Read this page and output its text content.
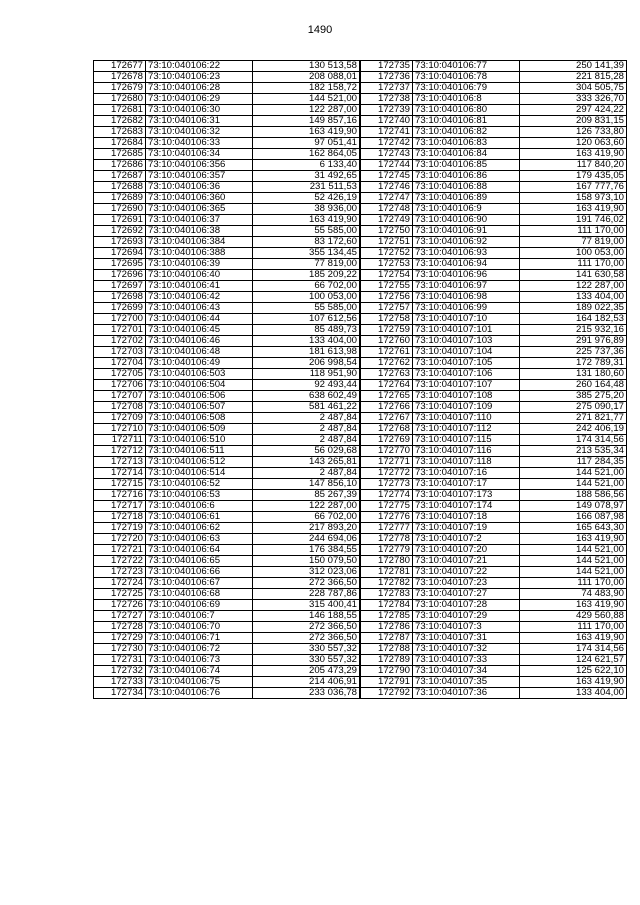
1490
172677	73:10:040106:22	130 513,58
172678	73:10:040106:23	208 088,01
172679	73:10:040106:28	182 158,72
172680	73:10:040106:29	144 521,00
172681	73:10:040106:30	122 287,00
172682	73:10:040106:31	149 857,16
172683	73:10:040106:32	163 419,90
172684	73:10:040106:33	97 051,41
172685	73:10:040106:34	162 864,05
172686	73:10:040106:356	6 133,40
172687	73:10:040106:357	31 492,65
172688	73:10:040106:36	231 511,53
172689	73:10:040106:360	52 426,19
172690	73:10:040106:365	38 936,00
172691	73:10:040106:37	163 419,90
172692	73:10:040106:38	55 585,00
172693	73:10:040106:384	83 172,60
172694	73:10:040106:388	355 134,45
172695	73:10:040106:39	77 819,00
172696	73:10:040106:40	185 209,22
172697	73:10:040106:41	66 702,00
172698	73:10:040106:42	100 053,00
172699	73:10:040106:43	55 585,00
172700	73:10:040106:44	107 612,56
172701	73:10:040106:45	85 489,73
172702	73:10:040106:46	133 404,00
172703	73:10:040106:48	181 613,98
172704	73:10:040106:49	206 998,54
172705	73:10:040106:503	118 951,90
172706	73:10:040106:504	92 493,44
172707	73:10:040106:506	638 602,49
172708	73:10:040106:507	581 461,22
172709	73:10:040106:508	2 487,84
172710	73:10:040106:509	2 487,84
172711	73:10:040106:510	2 487,84
172712	73:10:040106:511	56 029,68
172713	73:10:040106:512	143 265,81
172714	73:10:040106:514	2 487,84
172715	73:10:040106:52	147 856,10
172716	73:10:040106:53	85 267,39
172717	73:10:040106:6	122 287,00
172718	73:10:040106:61	66 702,00
172719	73:10:040106:62	217 893,20
172720	73:10:040106:63	244 694,06
172721	73:10:040106:64	176 384,55
172722	73:10:040106:65	150 079,50
172723	73:10:040106:66	312 023,06
172724	73:10:040106:67	272 366,50
172725	73:10:040106:68	228 787,86
172726	73:10:040106:69	315 400,41
172727	73:10:040106:7	146 188,55
172728	73:10:040106:70	272 366,50
172729	73:10:040106:71	272 366,50
172730	73:10:040106:72	330 557,32
172731	73:10:040106:73	330 557,32
172732	73:10:040106:74	205 473,29
172733	73:10:040106:75	214 406,91
172734	73:10:040106:76	233 036,78
172735	73:10:040106:77	250 141,39
172736	73:10:040106:78	221 815,28
172737	73:10:040106:79	304 505,75
172738	73:10:040106:8	333 326,70
172739	73:10:040106:80	297 424,22
172740	73:10:040106:81	209 831,15
172741	73:10:040106:82	126 733,80
172742	73:10:040106:83	120 063,60
172743	73:10:040106:84	163 419,90
172744	73:10:040106:85	117 840,20
172745	73:10:040106:86	179 435,05
172746	73:10:040106:88	167 777,76
172747	73:10:040106:89	158 973,10
172748	73:10:040106:9	163 419,90
172749	73:10:040106:90	191 746,02
172750	73:10:040106:91	111 170,00
172751	73:10:040106:92	77 819,00
172752	73:10:040106:93	100 053,00
172753	73:10:040106:94	111 170,00
172754	73:10:040106:96	141 630,58
172755	73:10:040106:97	122 287,00
172756	73:10:040106:98	133 404,00
172757	73:10:040106:99	189 022,35
172758	73:10:040107:10	164 182,53
172759	73:10:040107:101	215 932,16
172760	73:10:040107:103	291 976,89
172761	73:10:040107:104	225 737,36
172762	73:10:040107:105	172 789,31
172763	73:10:040107:106	131 180,60
172764	73:10:040107:107	260 164,48
172765	73:10:040107:108	385 275,20
172766	73:10:040107:109	275 090,17
172767	73:10:040107:110	271 821,77
172768	73:10:040107:112	242 406,19
172769	73:10:040107:115	174 314,56
172770	73:10:040107:116	213 535,34
172771	73:10:040107:118	117 284,35
172772	73:10:040107:16	144 521,00
172773	73:10:040107:17	144 521,00
172774	73:10:040107:173	188 586,56
172775	73:10:040107:174	149 078,97
172776	73:10:040107:18	166 087,98
172777	73:10:040107:19	165 643,30
172778	73:10:040107:2	163 419,90
172779	73:10:040107:20	144 521,00
172780	73:10:040107:21	144 521,00
172781	73:10:040107:22	144 521,00
172782	73:10:040107:23	111 170,00
172783	73:10:040107:27	74 483,90
172784	73:10:040107:28	163 419,90
172785	73:10:040107:29	429 560,88
172786	73:10:040107:3	111 170,00
172787	73:10:040107:31	163 419,90
172788	73:10:040107:32	174 314,56
172789	73:10:040107:33	124 621,57
172790	73:10:040107:34	125 622,10
172791	73:10:040107:35	163 419,90
172792	73:10:040107:36	133 404,00
